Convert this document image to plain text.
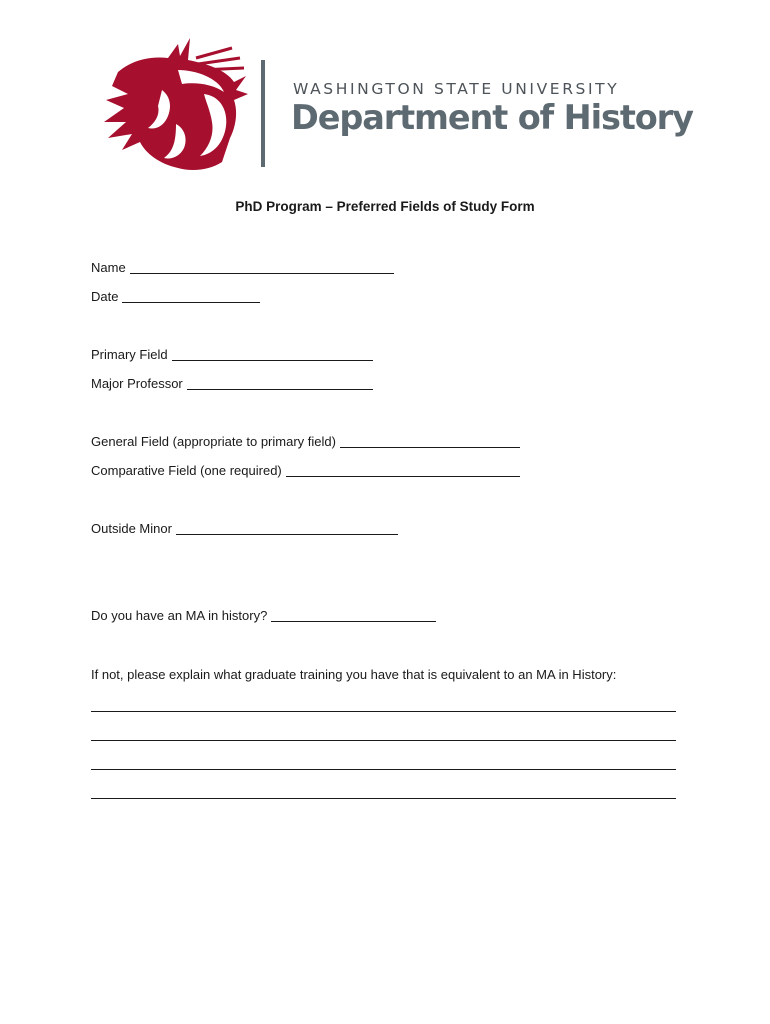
WASHINGTON STATE UNIVERSITY
Department of History
PhD Program – Preferred Fields of Study Form
Name
Date
Primary Field
Major Professor
General Field (appropriate to primary field)
Comparative Field (one required)
Outside Minor
Do you have an MA in history?
If not, please explain what graduate training you have that is equivalent to an MA in History:
